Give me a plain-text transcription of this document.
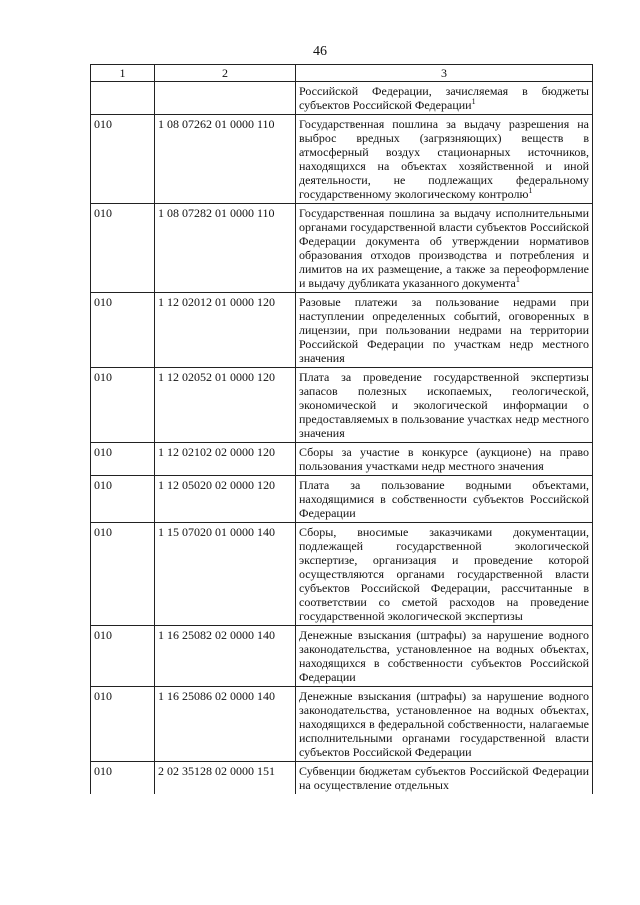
46
1	2	3
		Российской Федерации, зачисляемая в бюджеты субъектов Российской Федерации$^1$
010	1 08 07262 01 0000 110	Государственная пошлина за выдачу разрешения на выброс вредных (загрязняющих) веществ в атмосферный воздух стационарных источников, находящихся на объектах хозяйственной и иной деятельности, не подлежащих федеральному государственному экологическому контролю$^1$
010	1 08 07282 01 0000 110	Государственная пошлина за выдачу исполнительными органами государственной власти субъектов Российской Федерации документа об утверждении нормативов образования отходов производства и потребления и лимитов на их размещение, а также за переоформление и выдачу дубликата указанного документа$^1$
010	1 12 02012 01 0000 120	Разовые платежи за пользование недрами при наступлении определенных событий, оговоренных в лицензии, при пользовании недрами на территории Российской Федерации по участкам недр местного значения
010	1 12 02052 01 0000 120	Плата за проведение государственной экспертизы запасов полезных ископаемых, геологической, экономической и экологической информации о предоставляемых в пользование участках недр местного значения
010	1 12 02102 02 0000 120	Сборы за участие в конкурсе (аукционе) на право пользования участками недр местного значения
010	1 12 05020 02 0000 120	Плата за пользование водными объектами, находящимися в собственности субъектов Российской Федерации
010	1 15 07020 01 0000 140	Сборы, вносимые заказчиками документации, подлежащей государственной экологической экспертизе, организация и проведение которой осуществляются органами государственной власти субъектов Российской Федерации, рассчитанные в соответствии со сметой расходов на проведение государственной экологической экспертизы
010	1 16 25082 02 0000 140	Денежные взыскания (штрафы) за нарушение водного законодательства, установленное на водных объектах, находящихся в собственности субъектов Российской Федерации
010	1 16 25086 02 0000 140	Денежные взыскания (штрафы) за нарушение водного законодательства, установленное на водных объектах, находящихся в федеральной собственности, налагаемые исполнительными органами государственной власти субъектов Российской Федерации
010	2 02 35128 02 0000 151	Субвенции бюджетам субъектов Российской Федерации на осуществление отдельных
